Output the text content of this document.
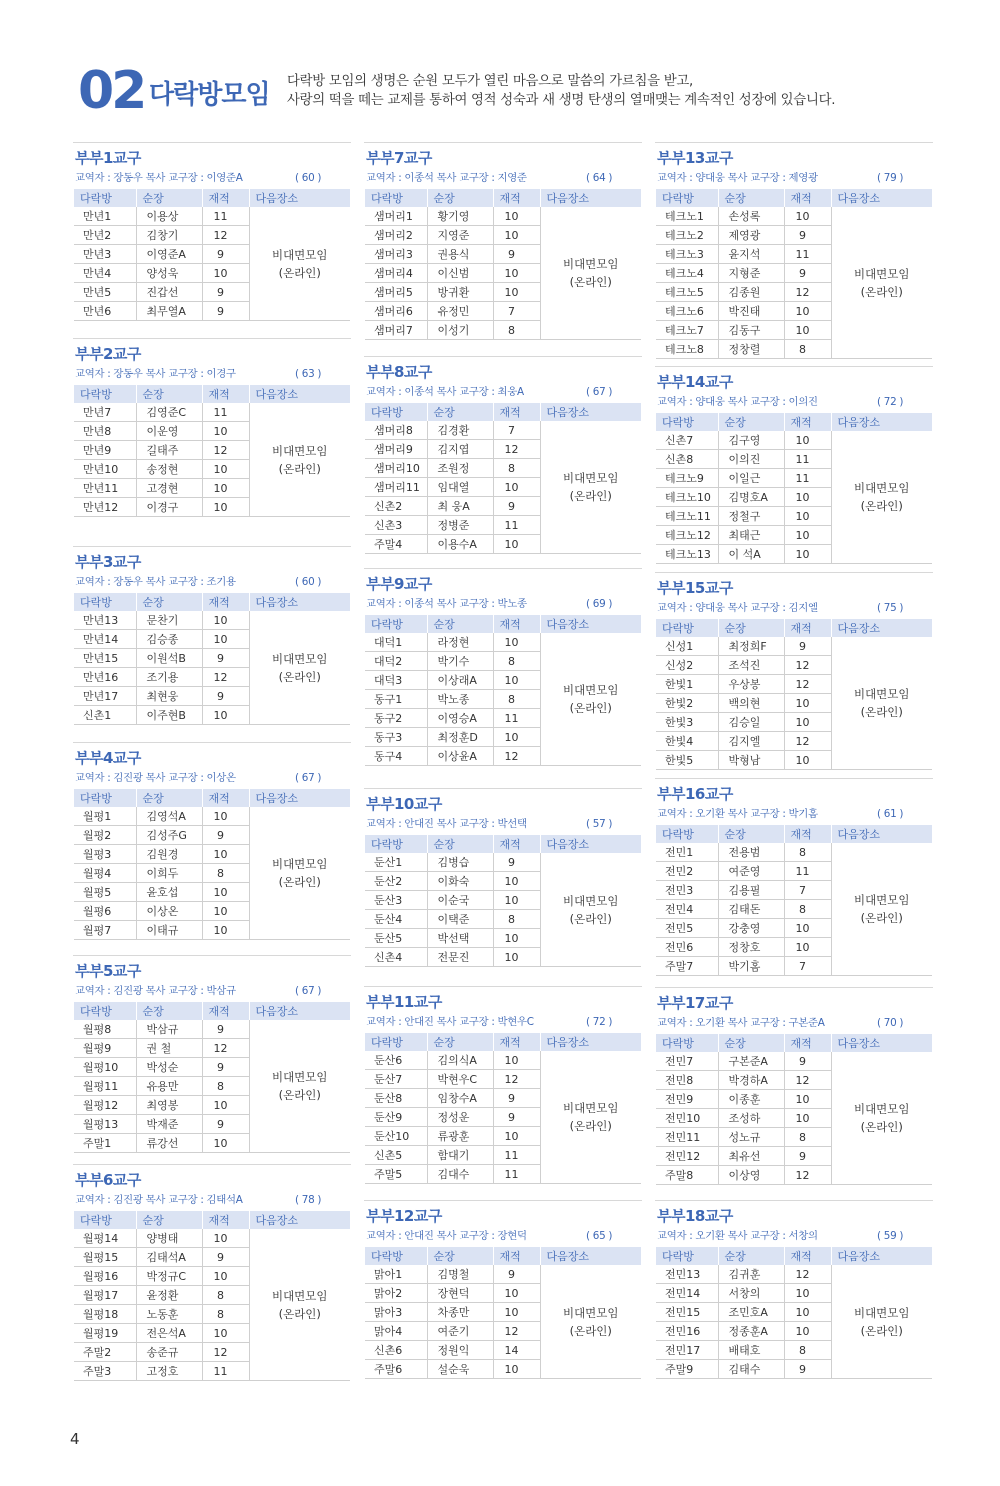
02 다락방모임 다락방 모임의 생명은 순원 모두가 열린 마음으로 말씀의 가르침을 받고,
사랑의 떡을 떼는 교제를 통하여 영적 성숙과 새 생명 탄생의 열매맺는 계속적인 성장에 있습니다.
부부1교구
교역자 : 장동우 목사 교구장 : 이영준A	( 60 )
다락방	순장	재적	다음장소
만년1	이용상	11	비대면모임
(온라인)

만년2	김창기	12	
만년3	이영준A	9	
만년4	양성욱	10	
만년5	진갑선	9	
만년6	최무열A	9	
부부2교구
교역자 : 장동우 목사 교구장 : 이경구	( 63 )
다락방	순장	재적	다음장소
만년7	김영준C	11	비대면모임
(온라인)

만년8	이운영	10	
만년9	길태주	12	
만년10	송정현	10	
만년11	고경현	10	
만년12	이경구	10	
부부3교구
교역자 : 장동우 목사 교구장 : 조기용	( 60 )
다락방	순장	재적	다음장소
만년13	문찬기	10	비대면모임
(온라인)

만년14	김승종	10	
만년15	이원석B	9	
만년16	조기용	12	
만년17	최현웅	9	
신촌1	이주현B	10	
부부4교구
교역자 : 김진광 목사 교구장 : 이상온	( 67 )
다락방	순장	재적	다음장소
월평1	김영석A	10	비대면모임
(온라인)

월평2	김성주G	9	
월평3	김원경	10	
월평4	이희두	8	
월평5	윤호섭	10	
월평6	이상온	10	
월평7	이태규	10	
부부5교구
교역자 : 김진광 목사 교구장 : 박삼규	( 67 )
다락방	순장	재적	다음장소
월평8	박삼규	9	비대면모임
(온라인)

월평9	권 철	12	
월평10	박성순	9	
월평11	유용만	8	
월평12	최영봉	10	
월평13	박재준	9	
주말1	류강선	10	
부부6교구
교역자 : 김진광 목사 교구장 : 김태석A	( 78 )
다락방	순장	재적	다음장소
월평14	양병태	10	비대면모임
(온라인)

월평15	김태석A	9	
월평16	박정규C	10	
월평17	윤정환	8	
월평18	노동훈	8	
월평19	전은석A	10	
주말2	송준규	12	
주말3	고정호	11	
부부7교구
교역자 : 이종석 목사 교구장 : 지영준	( 64 )
다락방	순장	재적	다음장소
샘머리1	황기영	10	비대면모임
(온라인)

샘머리2	지영준	10	
샘머리3	권용식	9	
샘머리4	이신범	10	
샘머리5	방귀환	10	
샘머리6	유정민	7	
샘머리7	이성기	8	
부부8교구
교역자 : 이종석 목사 교구장 : 최웅A	( 67 )
다락방	순장	재적	다음장소
샘머리8	김경환	7	비대면모임
(온라인)

샘머리9	김지엽	12	
샘머리10	조원정	8	
샘머리11	임대열	10	
신촌2	최 웅A	9	
신촌3	정병준	11	
주말4	이용수A	10	
부부9교구
교역자 : 이종석 목사 교구장 : 박노종	( 69 )
다락방	순장	재적	다음장소
대덕1	라정현	10	비대면모임
(온라인)

대덕2	박기수	8	
대덕3	이상래A	10	
동구1	박노종	8	
동구2	이영승A	11	
동구3	최정훈D	10	
동구4	이상윤A	12	
부부10교구
교역자 : 안대진 목사 교구장 : 박선택	( 57 )
다락방	순장	재적	다음장소
둔산1	김병습	9	비대면모임
(온라인)

둔산2	이화숙	10	
둔산3	이순국	10	
둔산4	이택준	8	
둔산5	박선택	10	
신촌4	전문진	10	
부부11교구
교역자 : 안대진 목사 교구장 : 박현우C	( 72 )
다락방	순장	재적	다음장소
둔산6	김의식A	10	비대면모임
(온라인)

둔산7	박현우C	12	
둔산8	임창수A	9	
둔산9	정성운	9	
둔산10	류광훈	10	
신촌5	함대기	11	
주말5	김대수	11	
부부12교구
교역자 : 안대진 목사 교구장 : 장현덕	( 65 )
다락방	순장	재적	다음장소
맑아1	김명철	9	비대면모임
(온라인)

맑아2	장현덕	10	
맑아3	차종만	10	
맑아4	여준기	12	
신촌6	정원익	14	
주말6	설순욱	10	
부부13교구
교역자 : 양대웅 목사 교구장 : 제영광	( 79 )
다락방	순장	재적	다음장소
테크노1	손성록	10	비대면모임
(온라인)

테크노2	제영광	9	
테크노3	윤지석	11	
테크노4	지형준	9	
테크노5	김종원	12	
테크노6	박진태	10	
테크노7	김동구	10	
테크노8	정창렬	8	
부부14교구
교역자 : 양대웅 목사 교구장 : 이의진	( 72 )
다락방	순장	재적	다음장소
신촌7	김구영	10	비대면모임
(온라인)

신촌8	이의진	11	
테크노9	이일근	11	
테크노10	김명호A	10	
테크노11	정철구	10	
테크노12	최태근	10	
테크노13	이 석A	10	
부부15교구
교역자 : 양대웅 목사 교구장 : 김지엘	( 75 )
다락방	순장	재적	다음장소
신성1	최정희F	9	비대면모임
(온라인)

신성2	조석진	12	
한빛1	우상봉	12	
한빛2	백의현	10	
한빛3	김승일	10	
한빛4	김지엘	12	
한빛5	박형남	10	
부부16교구
교역자 : 오기환 목사 교구장 : 박기홈	( 61 )
다락방	순장	재적	다음장소
전민1	전용범	8	비대면모임
(온라인)

전민2	여준영	11	
전민3	김용필	7	
전민4	김태돈	8	
전민5	강충영	10	
전민6	정창호	10	
주말7	박기홈	7	
부부17교구
교역자 : 오기환 목사 교구장 : 구본준A	( 70 )
다락방	순장	재적	다음장소
전민7	구본준A	9	비대면모임
(온라인)

전민8	박경하A	12	
전민9	이종훈	10	
전민10	조성하	10	
전민11	성노규	8	
전민12	최유선	9	
주말8	이상영	12	
부부18교구
교역자 : 오기환 목사 교구장 : 서창의	( 59 )
다락방	순장	재적	다음장소
전민13	김귀훈	12	비대면모임
(온라인)

전민14	서창의	10	
전민15	조민호A	10	
전민16	정종훈A	10	
전민17	배태호	8	
주말9	김태수	9	
4
